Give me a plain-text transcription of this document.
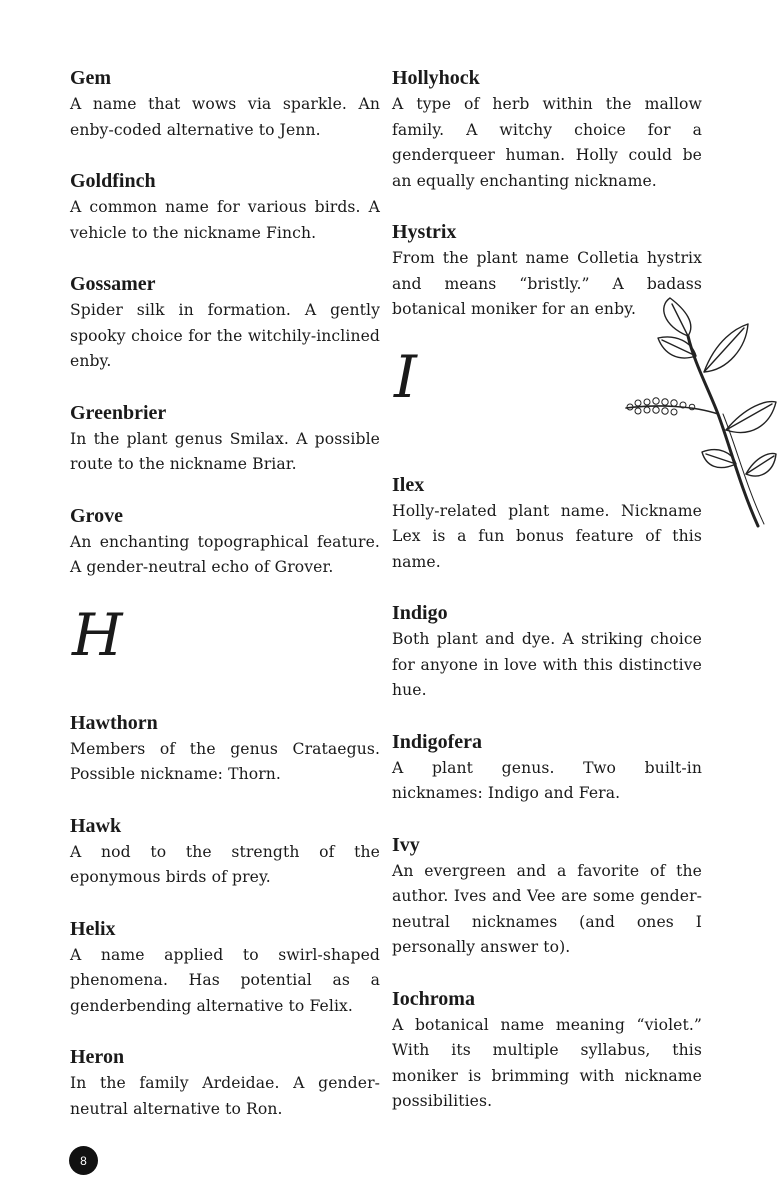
Gem
A name that wows via sparkle. An enby-coded alternative to Jenn.
Goldfinch
A common name for various birds. A vehicle to the nickname Finch.
Gossamer
Spider silk in formation. A gently spooky choice for the witchily-inclined enby.
Greenbrier
In the plant genus Smilax. A possible route to the nickname Briar.
Grove
An enchanting topographical feature. A gender-neutral echo of Grover.
H
Hawthorn
Members of the genus Crataegus. Possible nickname: Thorn.
Hawk
A nod to the strength of the eponymous birds of prey.
Helix
A name applied to swirl-shaped phenomena. Has potential as a genderbending alternative to Felix.
Heron
In the family Ardeidae. A gender-neutral alternative to Ron.
Hollyhock
A type of herb within the mallow family. A witchy choice for a genderqueer human. Holly could be an equally enchanting nickname.
Hystrix
From the plant name Colletia hystrix and means “bristly.” A badass botanical moniker for an enby.
I
Ilex
Holly-related plant name. Nickname Lex is a fun bonus feature of this name.
Indigo
Both plant and dye. A striking choice for anyone in love with this distinctive hue.
Indigofera
A plant genus. Two built-in nicknames: Indigo and Fera.
Ivy
An evergreen and a favorite of the author. Ives and Vee are some gender-neutral nicknames (and ones I personally answer to).
Iochroma
A botanical name meaning “violet.” With its multiple syllabus, this moniker is brimming with nickname possibilities.
8
